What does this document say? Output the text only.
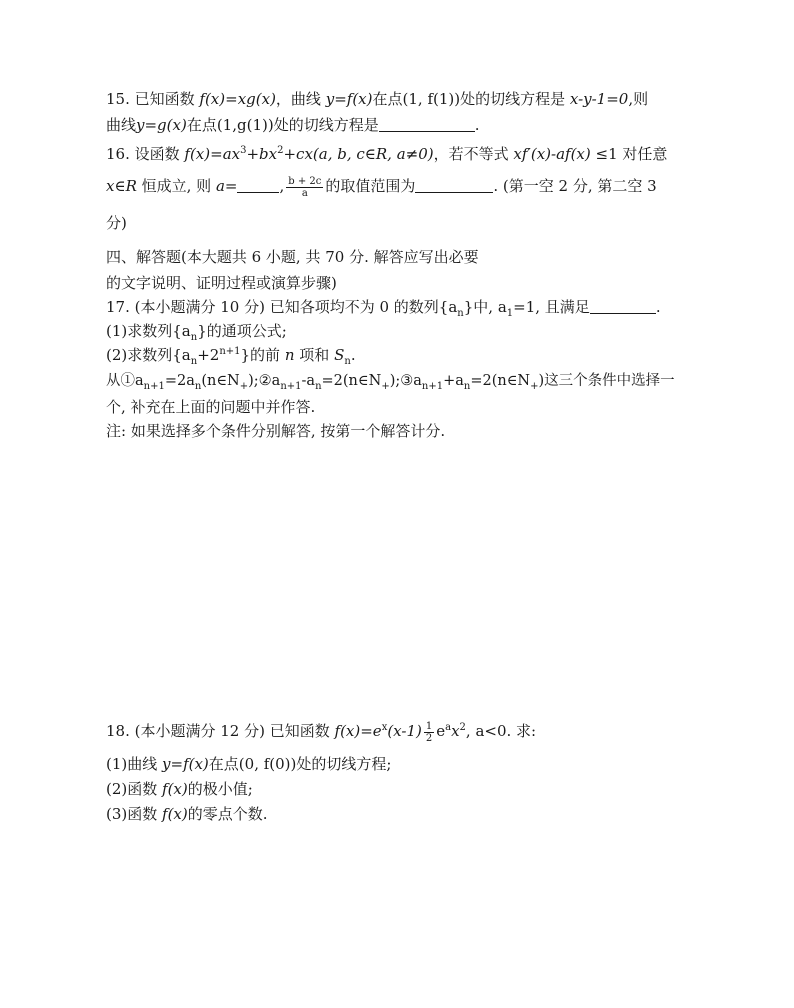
15. 已知函数 f(x)=xg(x)，曲线 y=f(x)在点(1, f(1))处的切线方程是 x-y-1=0,则
曲线y=g(x)在点(1,g(1))处的切线方程是	.
16. 设函数 $f(x)=ax^3+bx^2+cx(a$, b, c∈R, a≠0)，若不等式 xf′(x)-af(x) ≤1 对任意
x∈R 恒成立, 则 a=	, $\frac{b + 2c}{a}$ 的取值范围为	. (第一空 2 分, 第二空 3
分)
四、解答题(本大题共 6 小题, 共 70 分. 解答应写出必要
的文字说明、证明过程或演算步骤)
17. (本小题满分 10 分) 已知各项均不为 0 的数列$\{a_n\}$中, $a_1=1$, 且满足	.
(1)求数列$\{a_n\}$的通项公式;
(2)求数列$\{a_n+2^{n+1}\}$的前 n 项和 $S_n$.
从$①a_{n+1}=2a_n(n\in N_+);②a_{n+1}-a_n=2(n\in N_+);③a_{n+1}+a_n=2(n\in N_+)$这三个条件中选择一
个, 补充在上面的问题中并作答.
注: 如果选择多个条件分别解答, 按第一个解答计分.
18. (本小题满分 12 分) 已知函数 $f(x)=e^x(x-1) \frac{1}{2} e^ax^2$, a<0. 求:
(1)曲线 y=f(x)在点(0, f(0))处的切线方程;
(2)函数 f(x)的极小值;
(3)函数 f(x)的零点个数.
